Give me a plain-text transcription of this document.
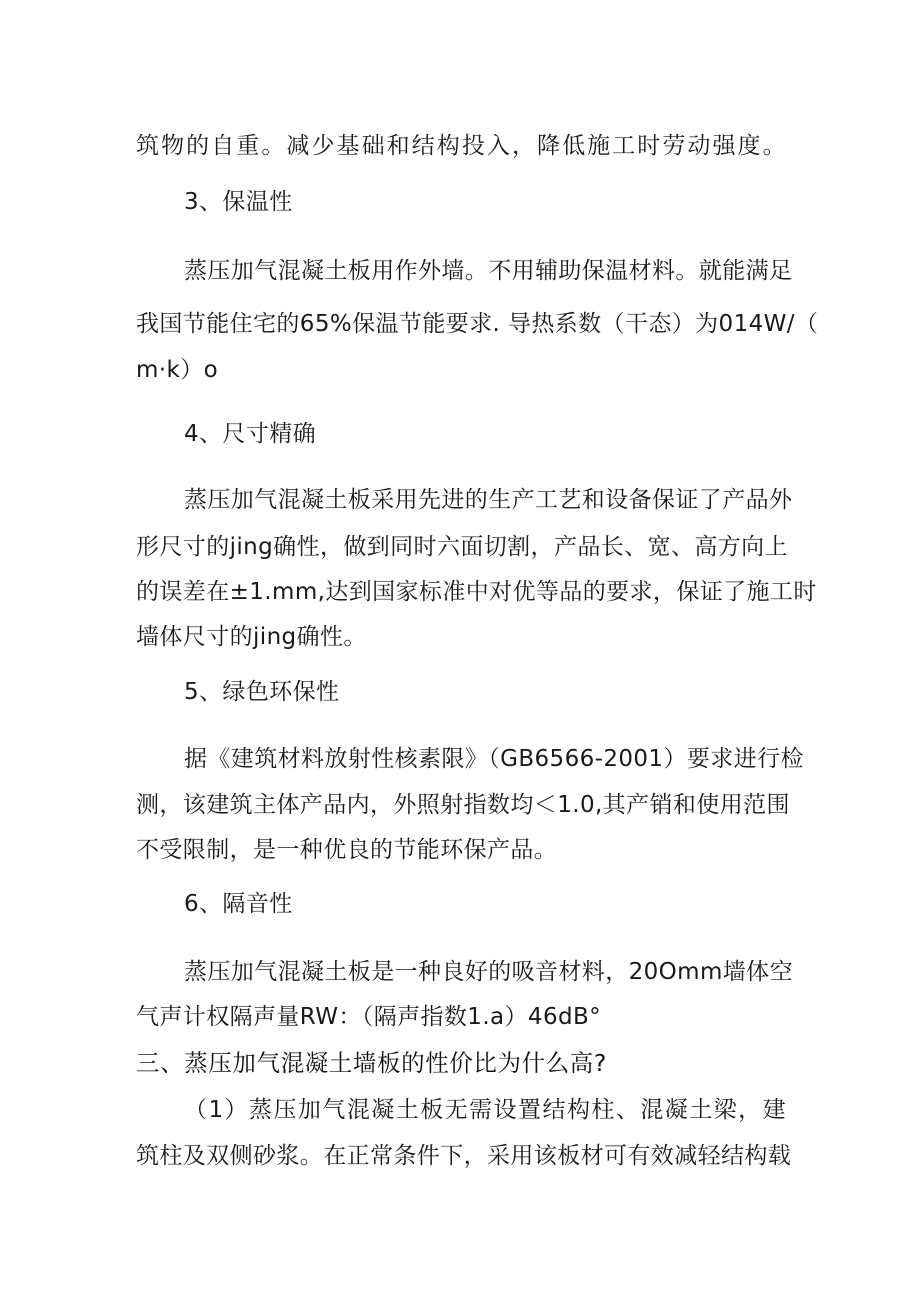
筑物的自重。减少基础和结构投入，降低施工时劳动强度。
3、保温性
蒸压加气混凝土板用作外墙。不用辅助保温材料。就能满足
我国节能住宅的65%保温节能要求. 导热系数（干态）为014W/（
m·k）o
4、尺寸精确
蒸压加气混凝土板采用先进的生产工艺和设备保证了产品外
形尺寸的jing确性，做到同时六面切割，产品长、宽、高方向上
的误差在±1.mm,达到国家标准中对优等品的要求，保证了施工时
墙体尺寸的jing确性。
5、绿色环保性
据《建筑材料放射性核素限》（GB6566-2001）要求进行检
测，该建筑主体产品内，外照射指数均＜1.0,其产销和使用范围
不受限制，是一种优良的节能环保产品。
6、隔音性
蒸压加气混凝土板是一种良好的吸音材料，20Omm墙体空
气声计权隔声量RW：（隔声指数1.a）46dB°
三、蒸压加气混凝土墙板的性价比为什么高?
（1）蒸压加气混凝土板无需设置结构柱、混凝土梁，建
筑柱及双侧砂浆。在正常条件下，采用该板材可有效减轻结构载
